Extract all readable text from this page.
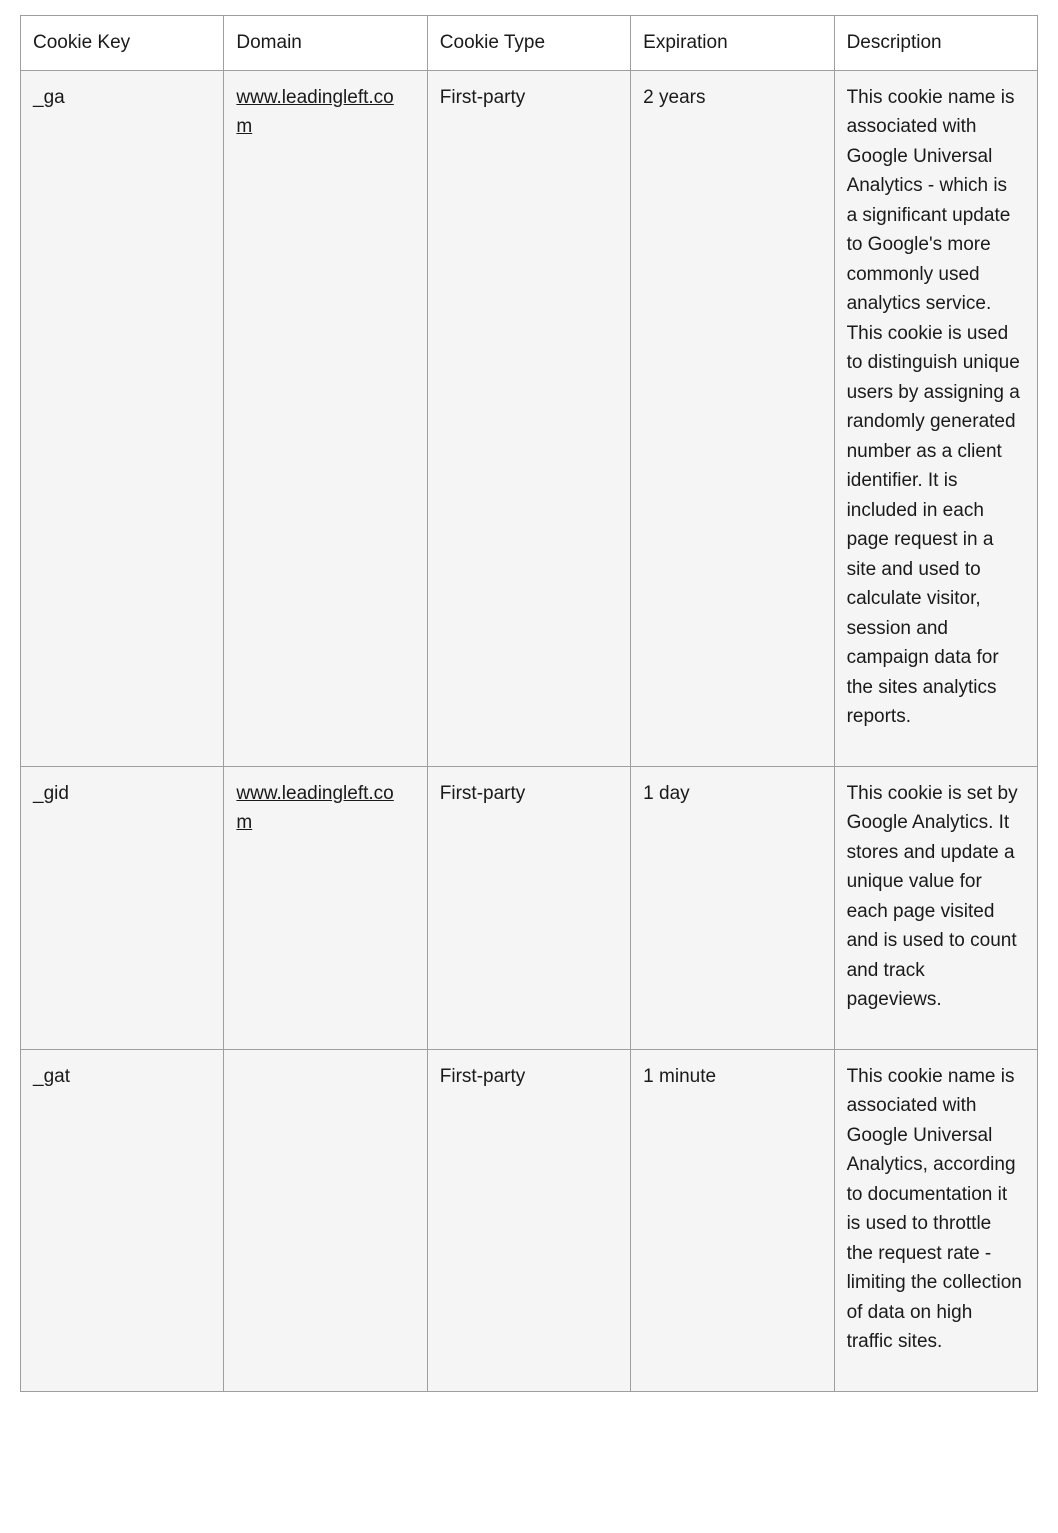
Cookie Key	Domain	Cookie Type	Expiration	Description

_ga	www.leadingleft.com	First-party	2 years	This cookie name is associated with Google Universal Analytics - which is a significant update to Google's more commonly used analytics service. This cookie is used to distinguish unique users by assigning a randomly generated number as a client identifier. It is included in each page request in a site and used to calculate visitor, session and campaign data for the sites analytics reports.

_gid	www.leadingleft.com	First-party	1 day	This cookie is set by Google Analytics. It stores and update a unique value for each page visited and is used to count and track pageviews.

_gat		First-party	1 minute	This cookie name is associated with Google Universal Analytics, according to documentation it is used to throttle the request rate - limiting the collection of data on high traffic sites.
